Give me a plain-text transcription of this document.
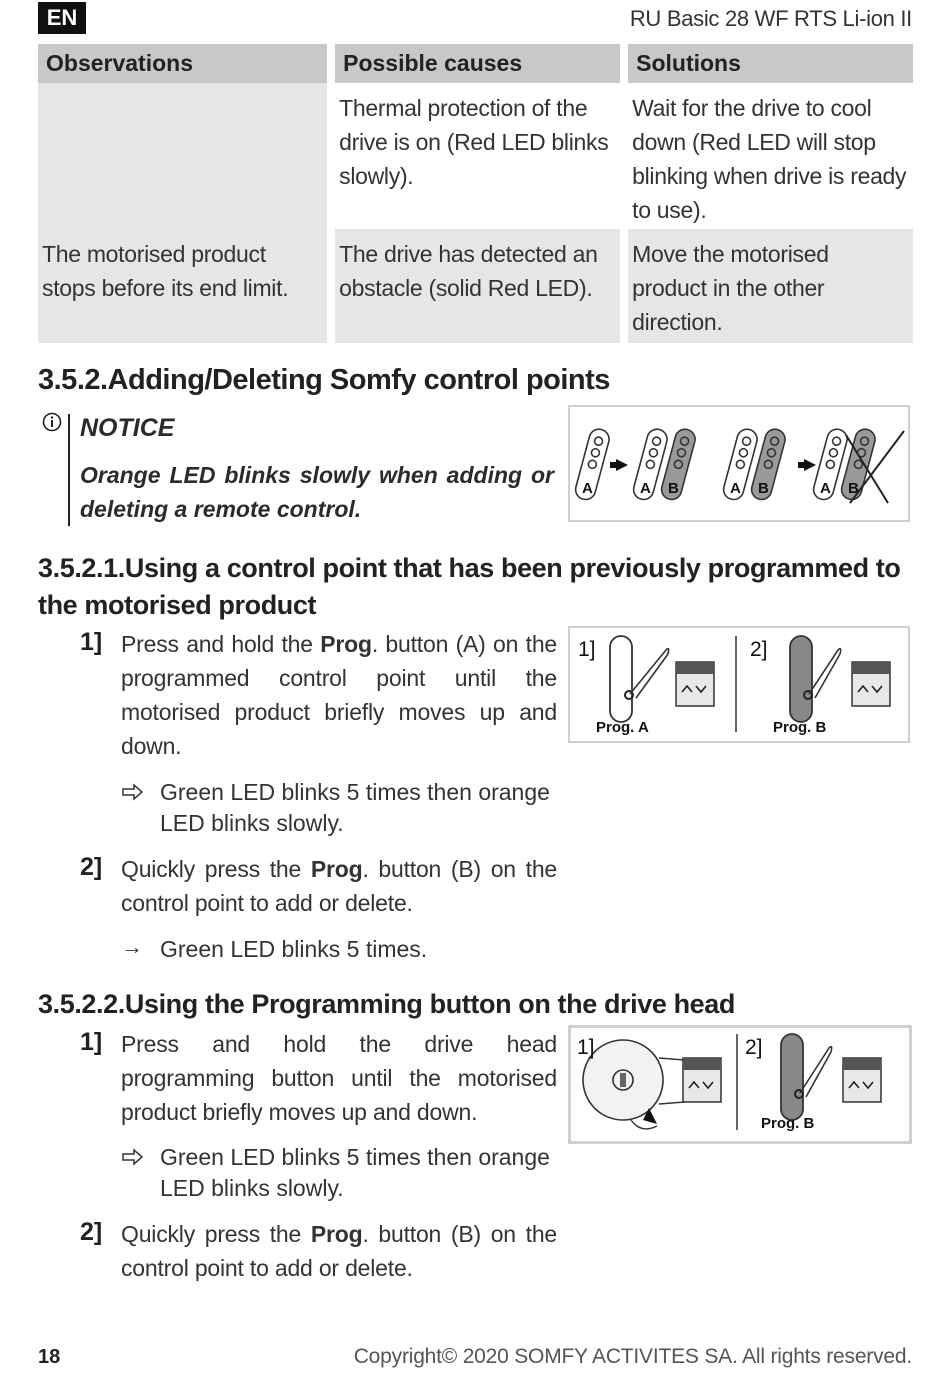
EN	RU Basic 28 WF RTS Li-ion II
Observations	Possible causes	Solutions
	Thermal protection of the drive is on (Red LED blinks slowly).	Wait for the drive to cool down (Red LED will stop blinking when drive is ready to use).
The motorised product stops before its end limit.	The drive has detected an obstacle (solid Red LED).	Move the motorised product in the other direction.
3.5.2.Adding/Deleting Somfy control points
NOTICE
Orange LED blinks slowly when adding or deleting a remote control.
A	A B	A B	A B
3.5.2.1.Using a control point that has been previously programmed to the motorised product
1] Press and hold the Prog. button (A) on the programmed control point until the motorised product briefly moves up and down.
Green LED blinks 5 times then orange LED blinks slowly.
2] Quickly press the Prog. button (B) on the control point to add or delete.
→ Green LED blinks 5 times.
1]	2]
Prog. A	Prog. B
3.5.2.2.Using the Programming button on the drive head
1] Press and hold the drive head programming button until the motorised product briefly moves up and down.
Green LED blinks 5 times then orange LED blinks slowly.
2] Quickly press the Prog. button (B) on the control point to add or delete.
1]	2]
Prog. B
18	Copyright© 2020 SOMFY ACTIVITES SA. All rights reserved.
